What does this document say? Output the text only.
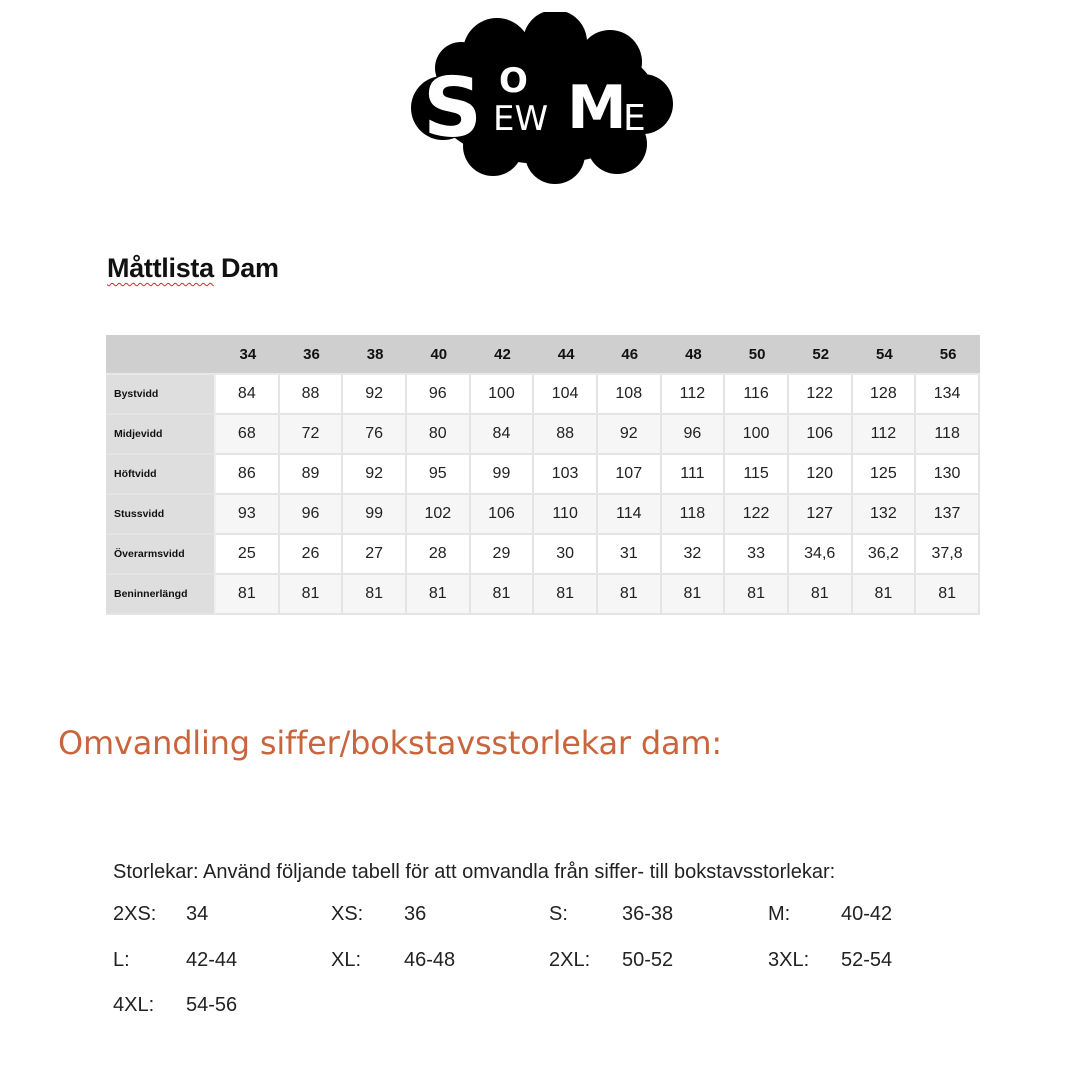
S O
EW M
E
Måttlista Dam
	34	36	38	40	42	44	46	48	50	52	54	56
Bystvidd	84	88	92	96	100	104	108	112	116	122	128	134
Midjevidd	68	72	76	80	84	88	92	96	100	106	112	118
Höftvidd	86	89	92	95	99	103	107	111	115	120	125	130
Stussvidd	93	96	99	102	106	110	114	118	122	127	132	137
Överarmsvidd	25	26	27	28	29	30	31	32	33	34,6	36,2	37,8
Beninnerlängd	81	81	81	81	81	81	81	81	81	81	81	81
Omvandling siffer/bokstavsstorlekar dam:

Storlekar: Använd följande tabell för att omvandla från siffer- till bokstavsstorlekar:

2XS: 34	XS: 36	S:	36-38	M:	40-42
L:	42-44	XL: 46-48	2XL: 50-52	3XL: 52-54
4XL: 54-56
